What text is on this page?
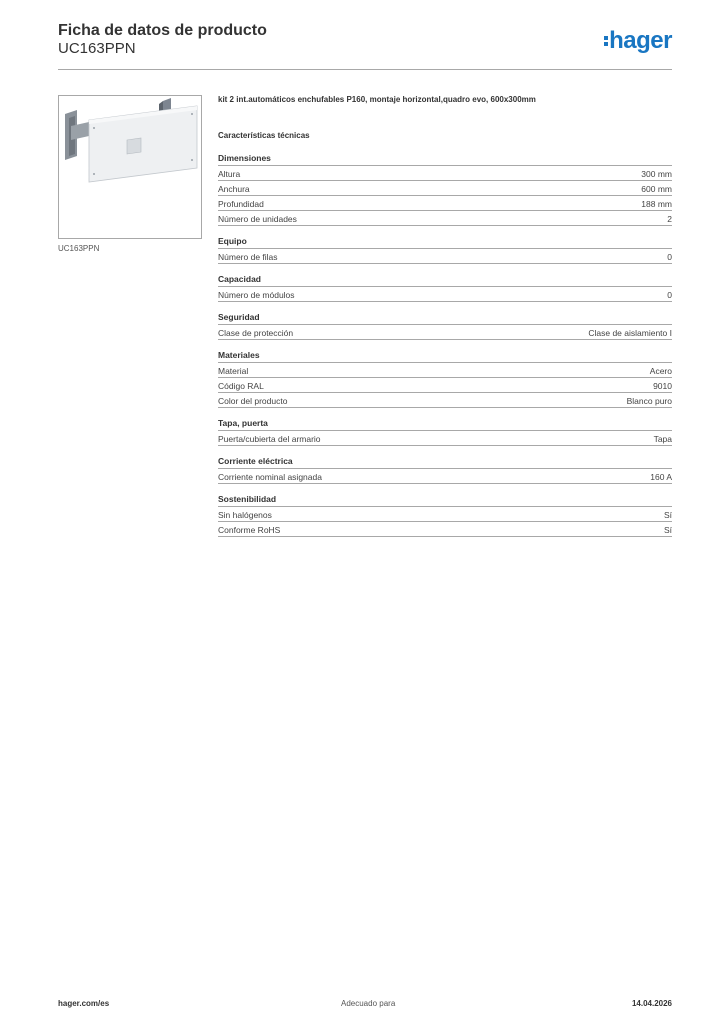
Ficha de datos de producto
UC163PPN	hager
UC163PPN
kit 2 int.automáticos enchufables P160, montaje horizontal,quadro evo, 600x300mm
Características técnicas
Dimensiones
Altura	300 mm
Anchura	600 mm
Profundidad	188 mm
Número de unidades	2
Equipo
Número de filas	0
Capacidad
Número de módulos	0
Seguridad
Clase de protección	Clase de aislamiento I
Materiales
Material	Acero
Código RAL	9010
Color del producto	Blanco puro
Tapa, puerta
Puerta/cubierta del armario	Tapa
Corriente eléctrica
Corriente nominal asignada	160 A
Sostenibilidad
Sin halógenos	Sí
Conforme RoHS	Sí
hager.com/es	Adecuado para	14.04.2026
